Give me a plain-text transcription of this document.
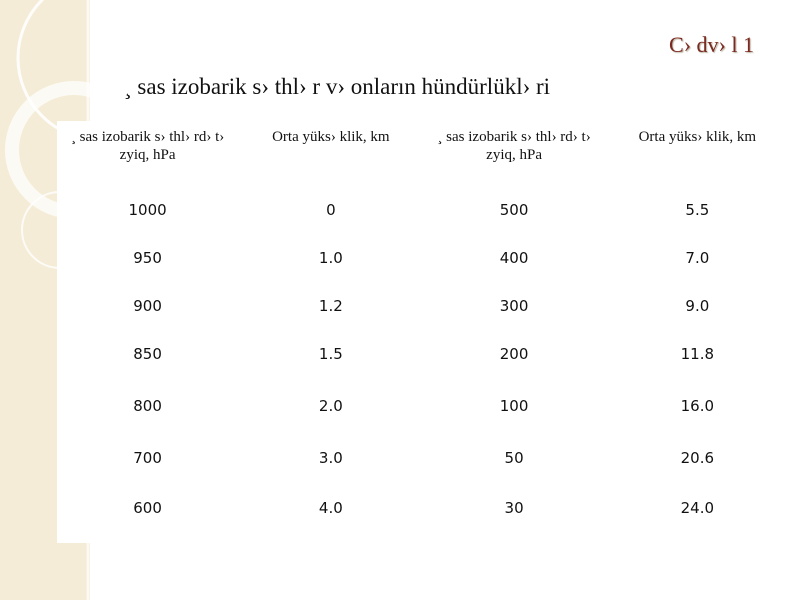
C› dv› l 1
¸ sas izobarik s› thl› r v› onların hündürlükl› ri
¸ sas izobarik s› thl› rd› t› zyiq, hPa	Orta yüks› klik, km	¸ sas izobarik s› thl› rd› t› zyiq, hPa	Orta yüks› klik, km
1000	0	500	5.5
950	1.0	400	7.0
900	1.2	300	9.0
850	1.5	200	11.8
800	2.0	100	16.0
700	3.0	50	20.6
600	4.0	30	24.0
